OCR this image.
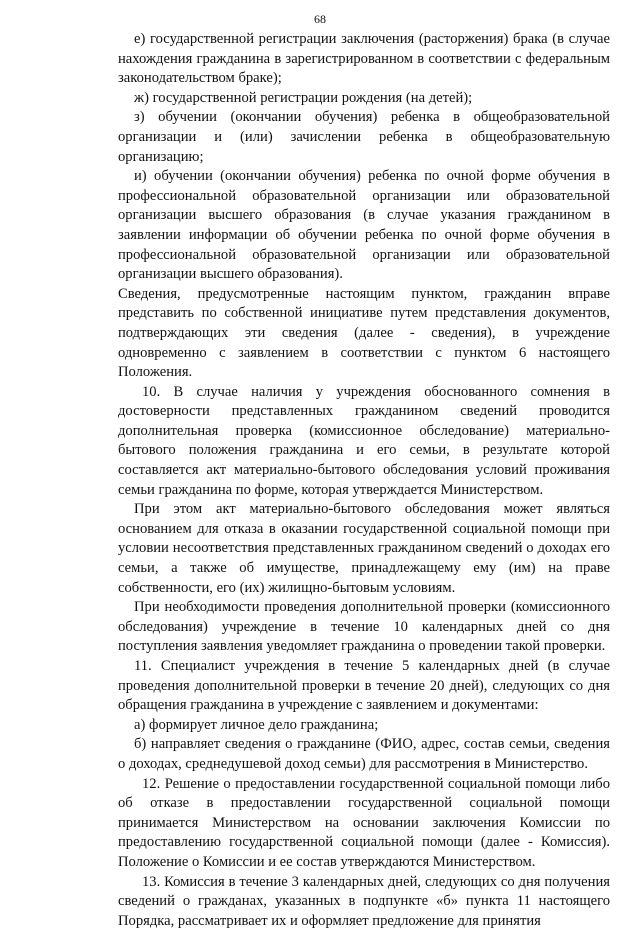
68

е) государственной регистрации заключения (расторжения) брака (в случае нахождения гражданина в зарегистрированном в соответствии с федеральным законодательством браке);

ж) государственной регистрации рождения (на детей);

з) обучении (окончании обучения) ребенка в общеобразовательной организации и (или) зачислении ребенка в общеобразовательную организацию;

и) обучении (окончании обучения) ребенка по очной форме обучения в профессиональной образовательной организации или образовательной организации высшего образования (в случае указания гражданином в заявлении информации об обучении ребенка по очной форме обучения в профессиональной образовательной организации или образовательной организации высшего образования).

Сведения, предусмотренные настоящим пунктом, гражданин вправе представить по собственной инициативе путем представления документов, подтверждающих эти сведения (далее - сведения), в учреждение одновременно с заявлением в соответствии с пунктом 6 настоящего Положения.

10. В случае наличия у учреждения обоснованного сомнения в достоверности представленных гражданином сведений проводится дополнительная проверка (комиссионное обследование) материально-бытового положения гражданина и его семьи, в результате которой составляется акт материально-бытового обследования условий проживания семьи гражданина по форме, которая утверждается Министерством.

При этом акт материально-бытового обследования может являться основанием для отказа в оказании государственной социальной помощи при условии несоответствия представленных гражданином сведений о доходах его семьи, а также об имуществе, принадлежащему ему (им) на праве собственности, его (их) жилищно-бытовым условиям.

При необходимости проведения дополнительной проверки (комиссионного обследования) учреждение в течение 10 календарных дней со дня поступления заявления уведомляет гражданина о проведении такой проверки.

11. Специалист учреждения в течение 5 календарных дней (в случае проведения дополнительной проверки в течение 20 дней), следующих со дня обращения гражданина в учреждение с заявлением и документами:

а) формирует личное дело гражданина;

б) направляет сведения о гражданине (ФИО, адрес, состав семьи, сведения о доходах, среднедушевой доход семьи) для рассмотрения в Министерство.

12. Решение о предоставлении государственной социальной помощи либо об отказе в предоставлении государственной социальной помощи принимается Министерством на основании заключения Комиссии по предоставлению государственной социальной помощи (далее - Комиссия). Положение о Комиссии и ее состав утверждаются Министерством.

13. Комиссия в течение 3 календарных дней, следующих со дня получения сведений о гражданах, указанных в подпункте «б» пункта 11 настоящего Порядка, рассматривает их и оформляет предложение для принятия
